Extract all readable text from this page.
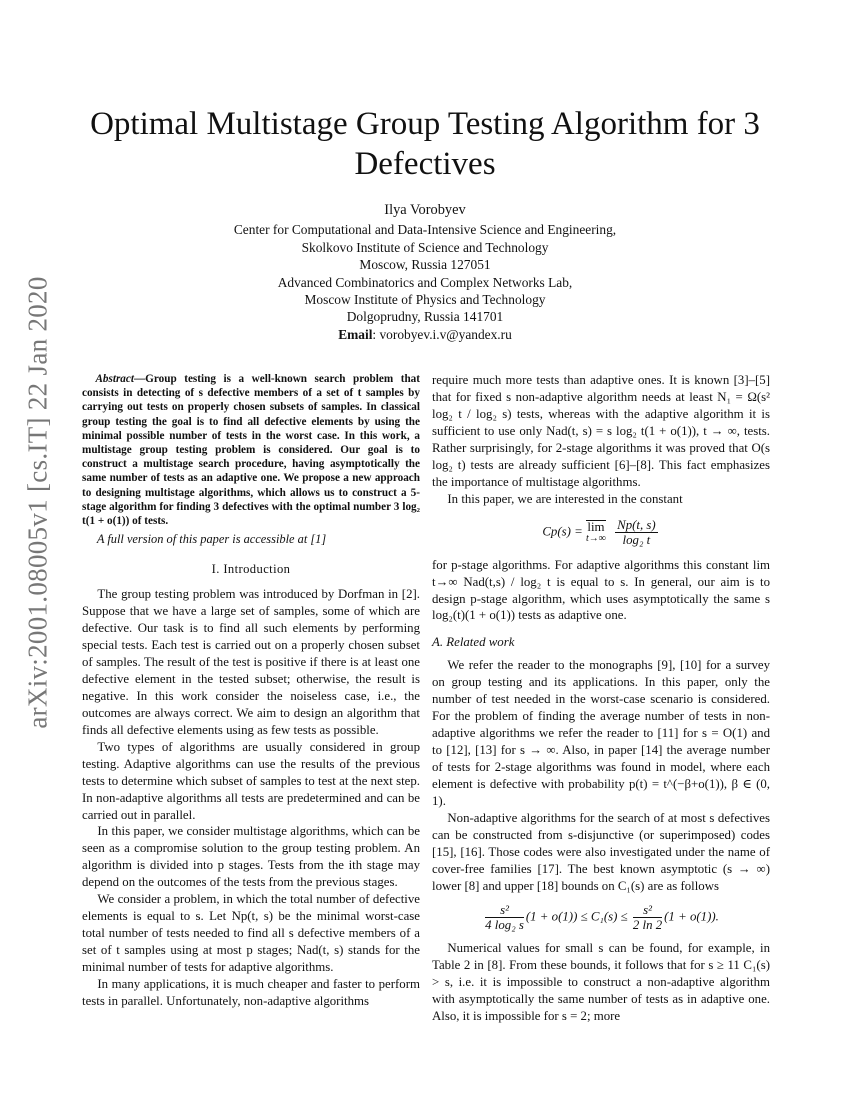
arXiv:2001.08005v1 [cs.IT] 22 Jan 2020
Optimal Multistage Group Testing Algorithm for 3 Defectives
Ilya Vorobyev
Center for Computational and Data-Intensive Science and Engineering,
Skolkovo Institute of Science and Technology
Moscow, Russia 127051
Advanced Combinatorics and Complex Networks Lab,
Moscow Institute of Physics and Technology
Dolgoprudny, Russia 141701
Email: vorobyev.i.v@yandex.ru

Abstract—Group testing is a well-known search problem that consists in detecting of s defective members of a set of t samples by carrying out tests on properly chosen subsets of samples. In classical group testing the goal is to find all defective elements by using the minimal possible number of tests in the worst case. In this work, a multistage group testing problem is considered. Our goal is to construct a multistage search procedure, having asymptotically the same number of tests as an adaptive one. We propose a new approach to designing multistage algorithms, which allows us to construct a 5-stage algorithm for finding 3 defectives with the optimal number 3 log₂ t(1 + o(1)) of tests.

A full version of this paper is accessible at [1]

I. Introduction

The group testing problem was introduced by Dorfman in [2]. Suppose that we have a large set of samples, some of which are defective. Our task is to find all such elements by performing special tests. Each test is carried out on a properly chosen subset of samples. The result of the test is positive if there is at least one defective element in the tested subset; otherwise, the result is negative. In this work consider the noiseless case, i.e., the outcomes are always correct. We aim to design an algorithm that finds all defective elements using as few tests as possible.

Two types of algorithms are usually considered in group testing. Adaptive algorithms can use the results of the previous tests to determine which subset of samples to test at the next step. In non-adaptive algorithms all tests are predetermined and can be carried out in parallel.

In this paper, we consider multistage algorithms, which can be seen as a compromise solution to the group testing problem. An algorithm is divided into p stages. Tests from the ith stage may depend on the outcomes of the tests from the previous stages.

We consider a problem, in which the total number of defective elements is equal to s. Let Np(t, s) be the minimal worst-case total number of tests needed to find all s defective members of a set of t samples using at most p stages; Nad(t, s) stands for the minimal number of tests for adaptive algorithms.

In many applications, it is much cheaper and faster to perform tests in parallel. Unfortunately, non-adaptive algorithms

require much more tests than adaptive ones. It is known [3]–[5] that for fixed s non-adaptive algorithm needs at least N₁ = Ω(s² log₂ t / log₂ s) tests, whereas with the adaptive algorithm it is sufficient to use only Nad(t, s) = s log₂ t(1 + o(1)), t → ∞, tests. Rather surprisingly, for 2-stage algorithms it was proved that O(s log₂ t) tests are already sufficient [6]–[8]. This fact emphasizes the importance of multistage algorithms.

In this paper, we are interested in the constant

Cp(s) = lim
t→∞
$\frac{Np(t, s)}{\text{log₂ t}}$

for p-stage algorithms. For adaptive algorithms this constant lim t→∞ Nad(t,s) / log₂ t is equal to s. In general, our aim is to design p-stage algorithm, which uses asymptotically the same s log₂(t)(1 + o(1)) tests as adaptive one.

A. Related work

We refer the reader to the monographs [9], [10] for a survey on group testing and its applications. In this paper, only the number of test needed in the worst-case scenario is considered. For the problem of finding the average number of tests in non-adaptive algorithms we refer the reader to [11] for s = O(1) and to [12], [13] for s → ∞. Also, in paper [14] the average number of tests for 2-stage algorithms was found in model, where each element is defective with probability p(t) = t^(−β+o(1)), β ∈ (0, 1).

Non-adaptive algorithms for the search of at most s defectives can be constructed from s-disjunctive (or superimposed) codes [15], [16]. Those codes were also investigated under the name of cover-free families [17]. The best known asymptotic (s → ∞) lower [8] and upper [18] bounds on C₁(s) are as follows

$\frac{\text{s²}}{\text{4 log₂ s}} (1 + o(1)) \le C_1(s) \le \frac{\text{s²}}{2 \ln 2} (1 + o(1))$.

Numerical values for small s can be found, for example, in Table 2 in [8]. From these bounds, it follows that for s ≥ 11 C₁(s) > s, i.e. it is impossible to construct a non-adaptive algorithm with asymptotically the same number of tests as in adaptive one. Also, it is impossible for s = 2; more
